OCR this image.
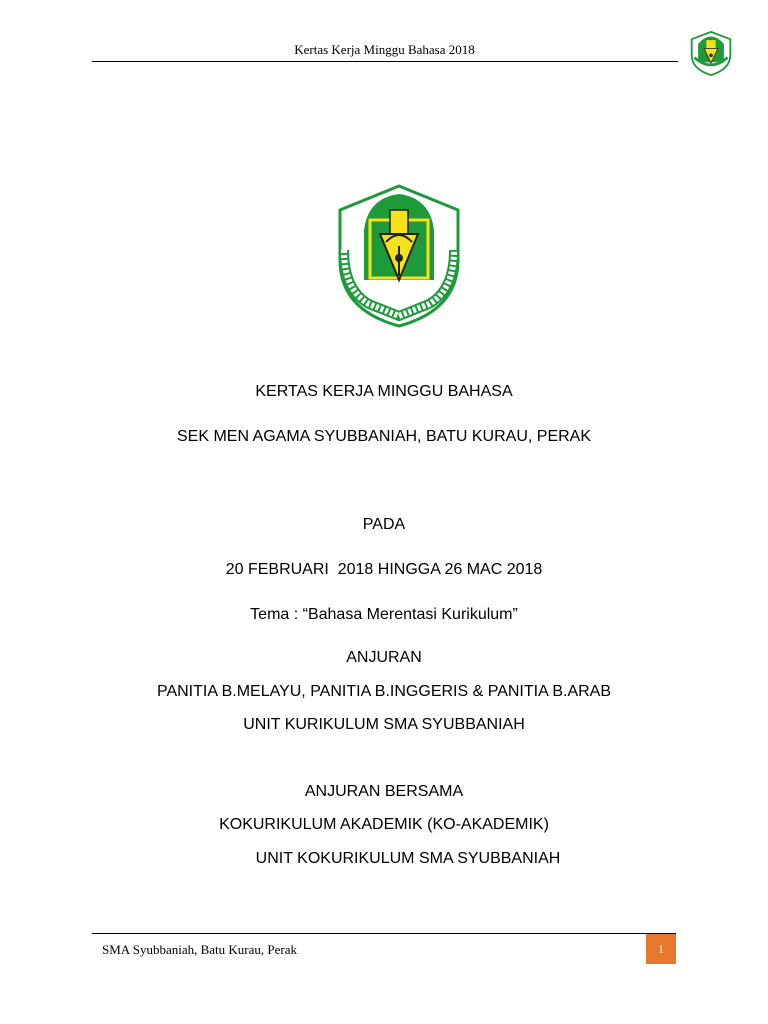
Kertas Kerja Minggu Bahasa 2018
KERTAS KERJA MINGGU BAHASA
SEK MEN AGAMA SYUBBANIAH, BATU KURAU, PERAK
PADA
20 FEBRUARI  2018 HINGGA 26 MAC 2018
Tema : “Bahasa Merentasi Kurikulum”
ANJURAN
PANITIA B.MELAYU, PANITIA B.INGGERIS & PANITIA B.ARAB
UNIT KURIKULUM SMA SYUBBANIAH
ANJURAN BERSAMA
KOKURIKULUM AKADEMIK (KO-AKADEMIK)
UNIT KOKURIKULUM SMA SYUBBANIAH
SMA Syubbaniah, Batu Kurau, Perak	1
